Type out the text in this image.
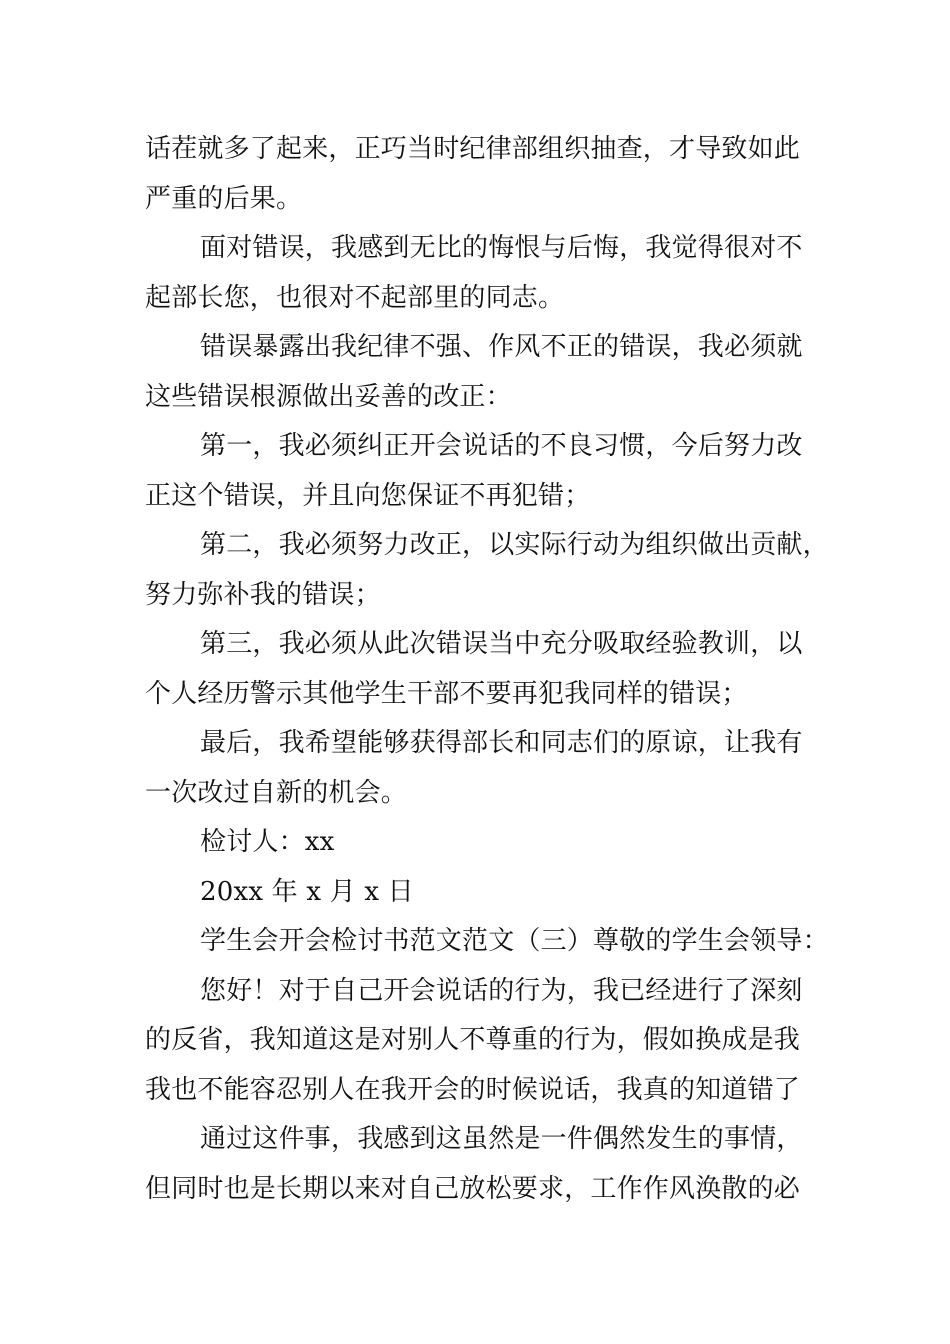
话茬就多了起来，正巧当时纪律部组织抽查，才导致如此
严重的后果。
面对错误，我感到无比的悔恨与后悔，我觉得很对不
起部长您，也很对不起部里的同志。
错误暴露出我纪律不强、作风不正的错误，我必须就
这些错误根源做出妥善的改正：
第一，我必须纠正开会说话的不良习惯，今后努力改
正这个错误，并且向您保证不再犯错；
第二，我必须努力改正，以实际行动为组织做出贡献，
努力弥补我的错误；
第三，我必须从此次错误当中充分吸取经验教训，以
个人经历警示其他学生干部不要再犯我同样的错误；
最后，我希望能够获得部长和同志们的原谅，让我有
一次改过自新的机会。
检讨人：xx
20xx 年 x 月 x 日
学生会开会检讨书范文范文（三）尊敬的学生会领导：
您好！对于自己开会说话的行为，我已经进行了深刻
的反省，我知道这是对别人不尊重的行为，假如换成是我
我也不能容忍别人在我开会的时候说话，我真的知道错了
通过这件事，我感到这虽然是一件偶然发生的事情，
但同时也是长期以来对自己放松要求，工作作风涣散的必
